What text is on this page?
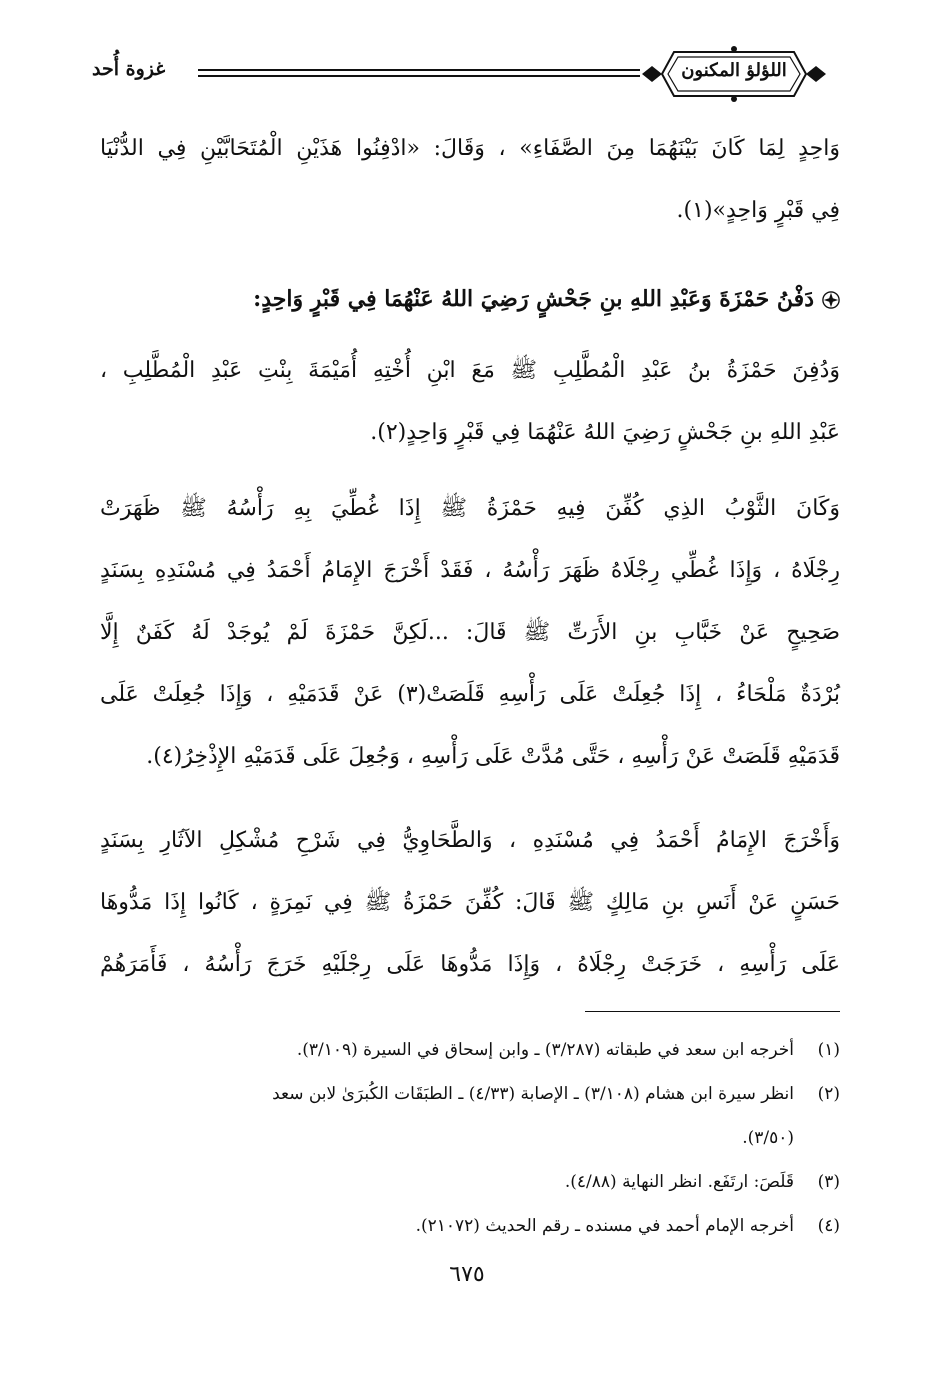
غزوة أُحد	اللؤلؤ المكنون
وَاحِدٍ لِمَا كَانَ بَيْنَهُمَا مِنَ الصَّفَاءِ» ، وَقَالَ: «ادْفِنُوا هَذَيْنِ الْمُتَحَابَّيْنِ فِي الدُّنْيَا
فِي قَبْرٍ وَاحِدٍ»(١).
دَفْنُ حَمْزَةَ وَعَبْدِ اللهِ بنِ جَحْشٍ رَضِيَ اللهُ عَنْهُمَا فِي قَبْرٍ وَاحِدٍ:
وَدُفِنَ حَمْزَةُ بنُ عَبْدِ الْمُطَّلِبِ ﷺ مَعَ ابْنِ أُخْتِهِ أُمَيْمَةَ بِنْتِ عَبْدِ الْمُطَّلِبِ ،
عَبْدِ اللهِ بنِ جَحْشٍ رَضِيَ اللهُ عَنْهُمَا فِي قَبْرٍ وَاحِدٍ(٢).
وَكَانَ الثَّوْبُ الذِي كُفِّنَ فِيهِ حَمْزَةُ ﷺ إِذَا غُطِّيَ بِهِ رَأْسُهُ ﷺ ظَهَرَتْ
رِجْلَاهُ ، وَإِذَا غُطِّي رِجْلَاهُ ظَهَرَ رَأْسُهُ ، فَقَدْ أَخْرَجَ الإِمَامُ أَحْمَدُ فِي مُسْنَدِهِ بِسَنَدٍ
صَحِيحٍ عَنْ خَبَّابِ بنِ الأَرَتِّ ﷺ قَالَ: ...لَكِنَّ حَمْزَةَ لَمْ يُوجَدْ لَهُ كَفَنٌ إِلَّا
بُرْدَةٌ مَلْحَاءُ ، إِذَا جُعِلَتْ عَلَى رَأْسِهِ قَلَصَتْ(٣) عَنْ قَدَمَيْهِ ، وَإِذَا جُعِلَتْ عَلَى
قَدَمَيْهِ قَلَصَتْ عَنْ رَأْسِهِ ، حَتَّى مُدَّتْ عَلَى رَأْسِهِ ، وَجُعِلَ عَلَى قَدَمَيْهِ الإِذْخِرُ(٤).
وَأَخْرَجَ الإِمَامُ أَحْمَدُ فِي مُسْنَدِهِ ، وَالطَّحَاوِيُّ فِي شَرْحِ مُشْكِلِ الآثَارِ بِسَنَدٍ
حَسَنٍ عَنْ أَنَسِ بنِ مَالِكٍ ﷺ قَالَ: كُفِّنَ حَمْزَةُ ﷺ فِي نَمِرَةٍ ، كَانُوا إِذَا مَدُّوهَا
عَلَى رَأْسِهِ ، خَرَجَتْ رِجْلَاهُ ، وَإِذَا مَدُّوهَا عَلَى رِجْلَيْهِ خَرَجَ رَأْسُهُ ، فَأَمَرَهُمْ
(١)أخرجه ابن سعد في طبقاته (٣/٢٨٧) ـ وابن إسحاق في السيرة (٣/١٠٩).
(٢)انظر سيرة ابن هشام (٣/١٠٨) ـ الإصابة (٤/٣٣) ـ الطبَقَات الكُبرَىٰ لابن سعد
(٣/٥٠).
(٣)قَلَصَ: ارتَفَع. انظر النهاية (٤/٨٨).
(٤)أخرجه الإمام أحمد في مسنده ـ رقم الحديث (٢١٠٧٢).
٦٧٥
